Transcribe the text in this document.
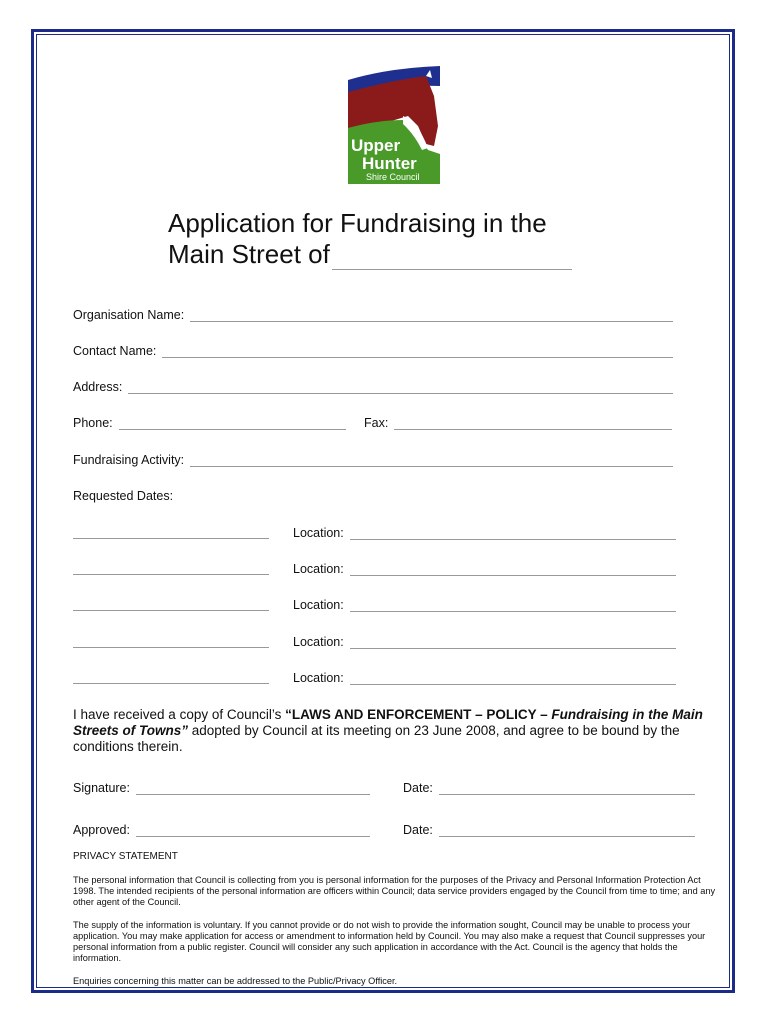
Upper
Hunter
Shire Council
Application for Fundraising in the
Main Street of
Organisation Name:
Contact Name:
Address:
Phone:	Fax:
Fundraising Activity:
Requested Dates:
Location:
Location:
Location:
Location:
Location:
I have received a copy of Council’s “LAWS AND ENFORCEMENT – POLICY – Fundraising in the Main Streets of Towns” adopted by Council at its meeting on 23 June 2008, and agree to be bound by the conditions therein.
Signature:	Date:
Approved:	Date:
PRIVACY STATEMENT

The personal information that Council is collecting from you is personal information for the purposes of the Privacy and Personal Information Protection Act 1998. The intended recipients of the personal information are officers within Council; data service providers engaged by the Council from time to time; and any other agent of the Council.

The supply of the information is voluntary. If you cannot provide or do not wish to provide the information sought, Council may be unable to process your application. You may make application for access or amendment to information held by Council. You may also make a request that Council suppresses your personal information from a public register. Council will consider any such application in accordance with the Act. Council is the agency that holds the information.

Enquiries concerning this matter can be addressed to the Public/Privacy Officer.
